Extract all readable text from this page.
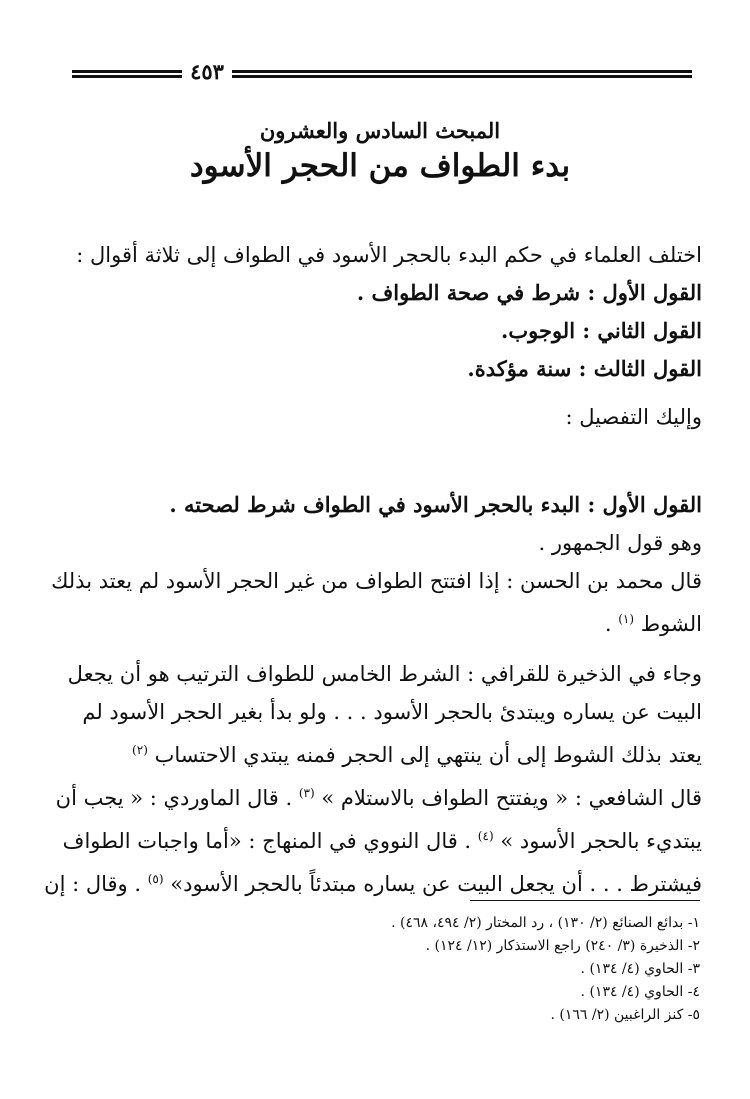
٤٥٣
المبحث السادس والعشرون
بدء الطواف من الحجر الأسود
اختلف العلماء في حكم البدء بالحجر الأسود في الطواف إلى ثلاثة أقوال :
القول الأول : شرط في صحة الطواف .
القول الثاني : الوجوب.
القول الثالث : سنة مؤكدة.
وإليك التفصيل :
القول الأول : البدء بالحجر الأسود في الطواف شرط لصحته .
وهو قول الجمهور .
قال محمد بن الحسن : إذا افتتح الطواف من غير الحجر الأسود لم يعتد بذلك
الشوط $^{(١)}$ .
وجاء في الذخيرة للقرافي : الشرط الخامس للطواف الترتيب هو أن يجعل
البيت عن يساره ويبتدئ بالحجر الأسود . . . ولو بدأ بغير الحجر الأسود لم
يعتد بذلك الشوط إلى أن ينتهي إلى الحجر فمنه يبتدي الاحتساب $^{(٢)}$
قال الشافعي : « ويفتتح الطواف بالاستلام » $^{(٣)}$ . قال الماوردي : « يجب أن
يبتديء بالحجر الأسود » $^{(٤)}$ . قال النووي في المنهاج : «أما واجبات الطواف
فيشترط . . . أن يجعل البيت عن يساره مبتدئاً بالحجر الأسود» $^{(٥)}$ . وقال : إن
١- بدائع الصنائع (٢/ ١٣٠) ، رد المختار (٢/ ٤٩٤، ٤٦٨) .
٢- الذخيرة (٣/ ٢٤٠) راجع الاستذكار (١٢/ ١٢٤) .
٣- الحاوي (٤/ ١٣٤) .
٤- الحاوي (٤/ ١٣٤) .
٥- كنز الراغبين (٢/ ١٦٦) .
